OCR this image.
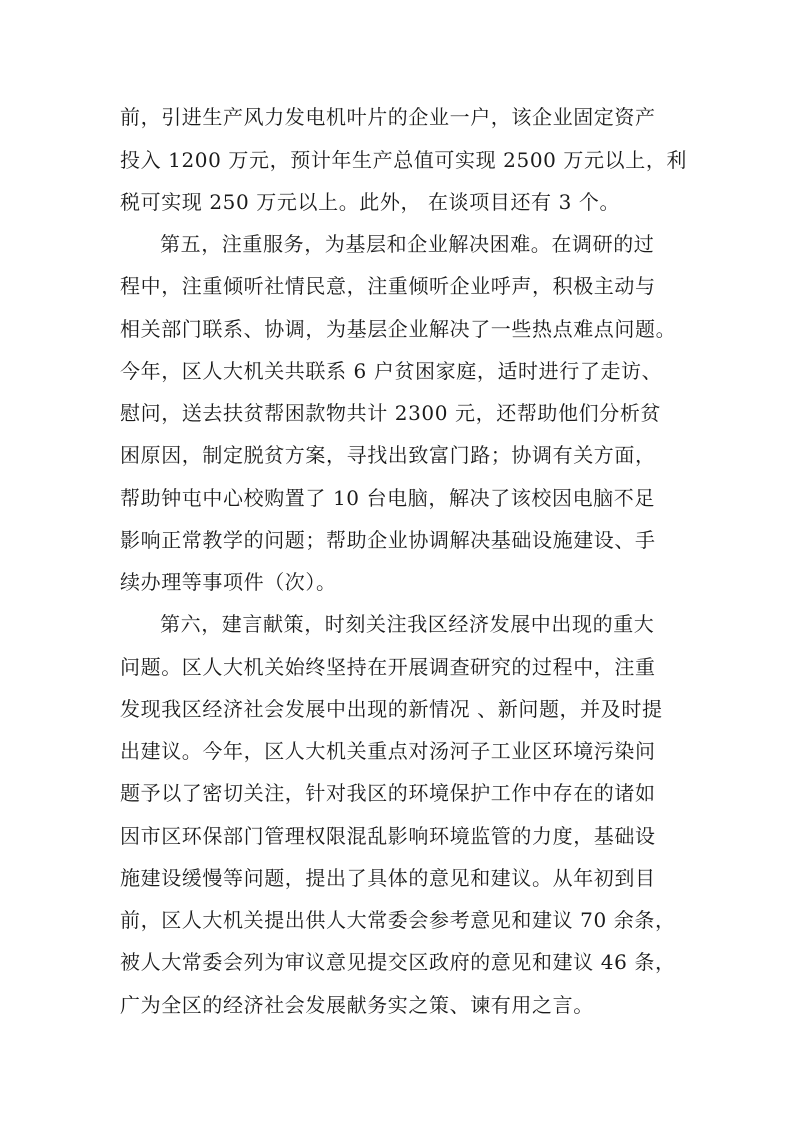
前，引进生产风力发电机叶片的企业一户，该企业固定资产
投入 1200 万元，预计年生产总值可实现 2500 万元以上，利
税可实现 250 万元以上。此外， 在谈项目还有 3 个。
第五，注重服务，为基层和企业解决困难。在调研的过
程中，注重倾听社情民意，注重倾听企业呼声，积极主动与
相关部门联系、协调，为基层企业解决了一些热点难点问题。
今年，区人大机关共联系 6 户贫困家庭，适时进行了走访、
慰问，送去扶贫帮困款物共计 2300 元，还帮助他们分析贫
困原因，制定脱贫方案，寻找出致富门路；协调有关方面，
帮助钟屯中心校购置了 10 台电脑，解决了该校因电脑不足
影响正常教学的问题；帮助企业协调解决基础设施建设、手
续办理等事项件（次）。
第六，建言献策，时刻关注我区经济发展中出现的重大
问题。区人大机关始终坚持在开展调查研究的过程中，注重
发现我区经济社会发展中出现的新情况 、新问题，并及时提
出建议。今年，区人大机关重点对汤河子工业区环境污染问
题予以了密切关注，针对我区的环境保护工作中存在的诸如
因市区环保部门管理权限混乱影响环境监管的力度，基础设
施建设缓慢等问题，提出了具体的意见和建议。从年初到目
前，区人大机关提出供人大常委会参考意见和建议 70 余条，
被人大常委会列为审议意见提交区政府的意见和建议 46 条，
广为全区的经济社会发展献务实之策、谏有用之言。
